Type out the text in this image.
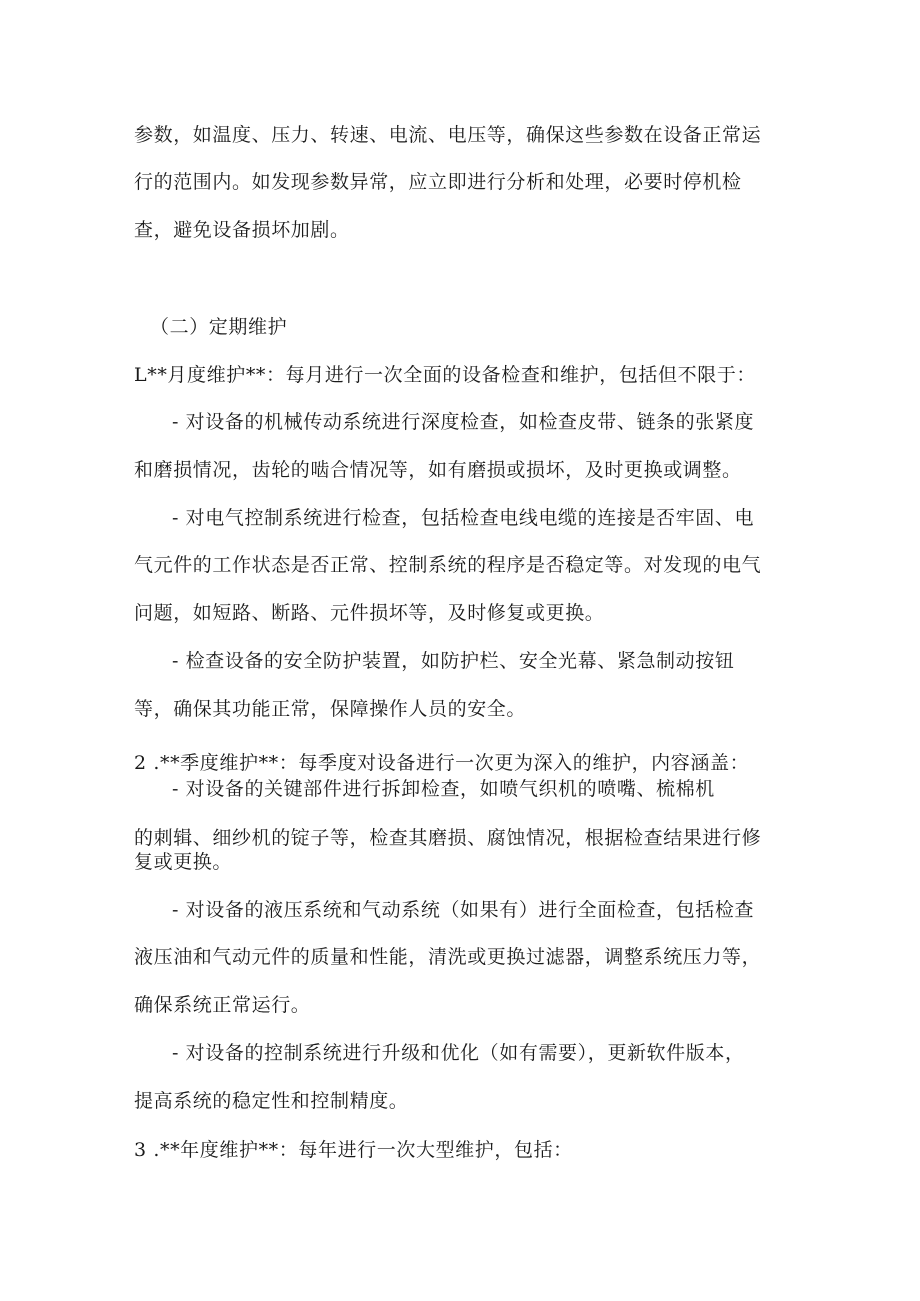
参数，如温度、压力、转速、电流、电压等，确保这些参数在设备正常运
行的范围内。如发现参数异常，应立即进行分析和处理，必要时停机检
查，避免设备损坏加剧。
（二）定期维护
L**月度维护**：每月进行一次全面的设备检查和维护，包括但不限于：
- 对设备的机械传动系统进行深度检查，如检查皮带、链条的张紧度
和磨损情况，齿轮的啮合情况等，如有磨损或损坏，及时更换或调整。
- 对电气控制系统进行检查，包括检查电线电缆的连接是否牢固、电
气元件的工作状态是否正常、控制系统的程序是否稳定等。对发现的电气
问题，如短路、断路、元件损坏等，及时修复或更换。
- 检查设备的安全防护装置，如防护栏、安全光幕、紧急制动按钮
等，确保其功能正常，保障操作人员的安全。
2 .**季度维护**：每季度对设备进行一次更为深入的维护，内容涵盖：
- 对设备的关键部件进行拆卸检查，如喷气织机的喷嘴、梳棉机
的刺辑、细纱机的锭子等，检查其磨损、腐蚀情况，根据检查结果进行修
复或更换。
- 对设备的液压系统和气动系统（如果有）进行全面检查，包括检查
液压油和气动元件的质量和性能，清洗或更换过滤器，调整系统压力等，
确保系统正常运行。
- 对设备的控制系统进行升级和优化（如有需要），更新软件版本，
提高系统的稳定性和控制精度。
3 .**年度维护**：每年进行一次大型维护，包括：
